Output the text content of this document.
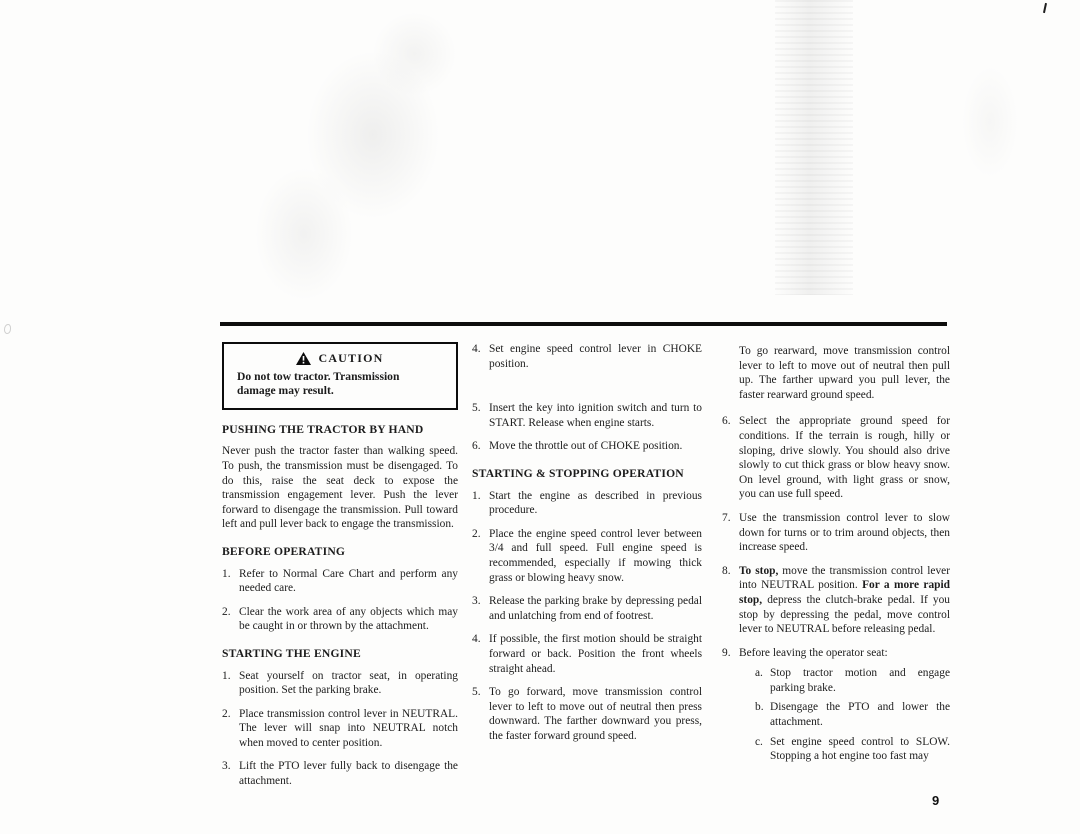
CAUTION
Do not tow tractor. Transmission
damage may result.
PUSHING THE TRACTOR BY HAND

Never push the tractor faster than walking speed. To push, the transmission must be disengaged. To do this, raise the seat deck to expose the transmission engagement lever. Push the lever forward to disengage the transmission. Pull toward left and pull lever back to engage the transmission.

BEFORE OPERATING
1. Refer to Normal Care Chart and perform any needed care.
2. Clear the work area of any objects which may be caught in or thrown by the attachment.
STARTING THE ENGINE
1. Seat yourself on tractor seat, in operating position. Set the parking brake.
2. Place transmission control lever in NEUTRAL. The lever will snap into NEUTRAL notch when moved to center position.
3. Lift the PTO lever fully back to disengage the attachment.
4. Set engine speed control lever in CHOKE position.
5. Insert the key into ignition switch and turn to START. Release when engine starts.
6. Move the throttle out of CHOKE position.
STARTING & STOPPING OPERATION
1. Start the engine as described in previous procedure.
2. Place the engine speed control lever between 3/4 and full speed. Full engine speed is recommended, especially if mowing thick grass or blowing heavy snow.
3. Release the parking brake by depressing pedal and unlatching from end of footrest.
4. If possible, the first motion should be straight forward or back. Position the front wheels straight ahead.
5. To go forward, move transmission control lever to left to move out of neutral then press downward. The farther downward you press, the faster forward ground speed.

To go rearward, move transmission control lever to left to move out of neutral then pull up. The farther upward you pull lever, the faster rearward ground speed.

6. Select the appropriate ground speed for conditions. If the terrain is rough, hilly or sloping, drive slowly. You should also drive slowly to cut thick grass or blow heavy snow. On level ground, with light grass or snow, you can use full speed.
7. Use the transmission control lever to slow down for turns or to trim around objects, then increase speed.
8. To stop, move the transmission control lever into NEUTRAL position. For a more rapid stop, depress the clutch-brake pedal. If you stop by depressing the pedal, move control lever to NEUTRAL before releasing pedal.
9. Before leaving the operator seat:
a. Stop tractor motion and engage parking brake.
b. Disengage the PTO and lower the attachment.
c. Set engine speed control to SLOW. Stopping a hot engine too fast may
9
